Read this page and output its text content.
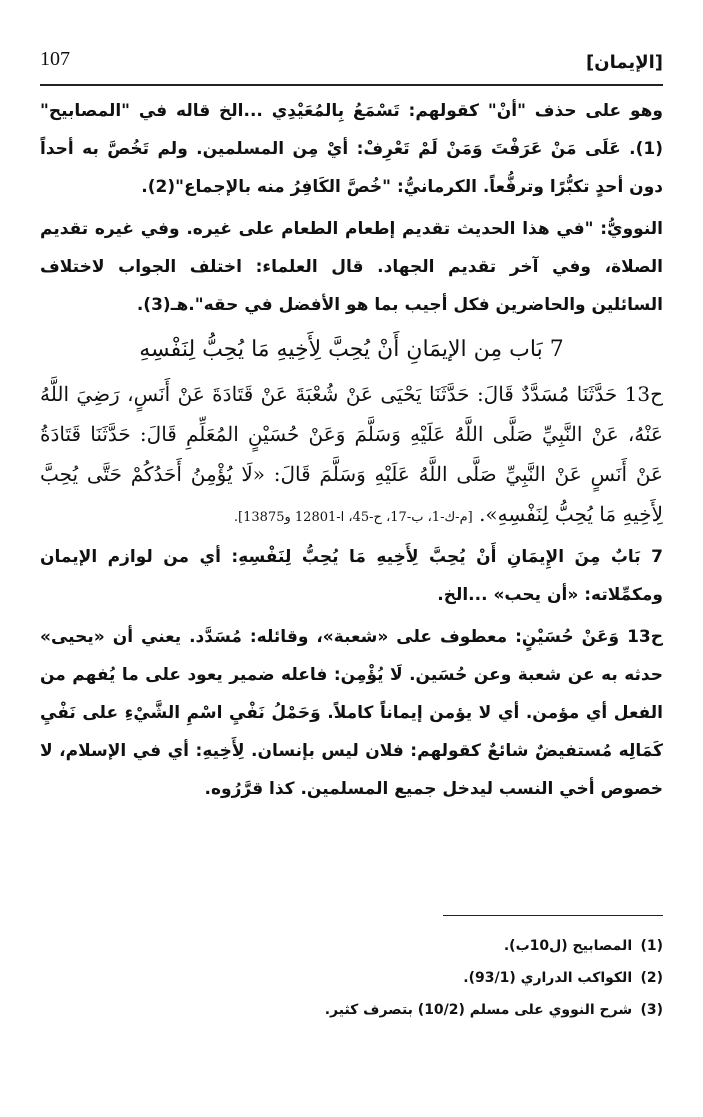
[الإيمان]
107

وهو على حذف "أنْ" كقولهم: تَسْمَعُ بِالمُعَيْدِي ...الخ قاله في "المصابيح"(1). عَلَى مَنْ عَرَفْتَ وَمَنْ لَمْ تَعْرِفْ: أيْ مِن المسلمين. ولم تَخُصَّ به أحداً دون أحدٍ تكبُّرًا وترفُّعاً. الكرمانيُّ: "خُصَّ الكَافِرُ منه بالإجماع"(2).

النوويُّ: "في هذا الحديث تقديم إطعام الطعام على غيره. وفي غيره تقديم الصلاة، وفي آخر تقديم الجهاد. قال العلماء: اختلف الجواب لاختلاف السائلين والحاضرين فكل أجيب بما هو الأفضل في حقه".هـ(3).

7 بَاب مِن الإيمَانِ أَنْ يُحِبَّ لِأَخِيهِ مَا يُحِبُّ لِنَفْسِهِ

ح13 حَدَّثَنَا مُسَدَّدٌ قَالَ: حَدَّثَنَا يَحْيَى عَنْ شُعْبَةَ عَنْ قَتَادَةَ عَنْ أَنَسٍ، رَضِيَ اللَّهُ عَنْهُ، عَنْ النَّبِيِّ صَلَّى اللَّهُ عَلَيْهِ وَسَلَّمَ وَعَنْ حُسَيْنٍ المُعَلِّمِ قَالَ: حَدَّثَنَا قَتَادَةُ عَنْ أَنَسٍ عَنْ النَّبِيِّ صَلَّى اللَّهُ عَلَيْهِ وَسَلَّمَ قَالَ: «لَا يُؤْمِنُ أَحَدُكُمْ حَتَّى يُحِبَّ لِأَخِيهِ مَا يُحِبُّ لِنَفْسِهِ». [م-ك-1، ب-17، ح-45، ا-12801 و13875].

7 بَابٌ مِنَ الإِيمَانِ أَنْ يُحِبَّ لِأَخِيهِ مَا يُحِبُّ لِنَفْسِهِ: أي من لوازم الإيمان ومكمِّلاته: «أن يحب» ...الخ.

ح13 وَعَنْ حُسَيْنٍ: معطوف على «شعبة»، وقائله: مُسَدَّد. يعني أن «يحيى» حدثه به عن شعبة وعن حُسَين. لَا يُؤْمِن: فاعله ضمير يعود على ما يُفهم من الفعل أي مؤمن. أي لا يؤمن إيماناً كاملاً. وَحَمْلُ نَفْيِ اسْمِ الشَّيْءِ على نَفْيِ كَمَالِه مُستفيضٌ شائعٌ كقولهم: فلان ليس بإنسان. لِأَخِيهِ: أي في الإسلام، لا خصوص أخي النسب ليدخل جميع المسلمين. كذا قرَّرُوه.

(1) المصابيح (ل10ب).
(2) الكواكب الدراري (93/1).
(3) شرح النووي على مسلم (10/2) بتصرف كثير.
